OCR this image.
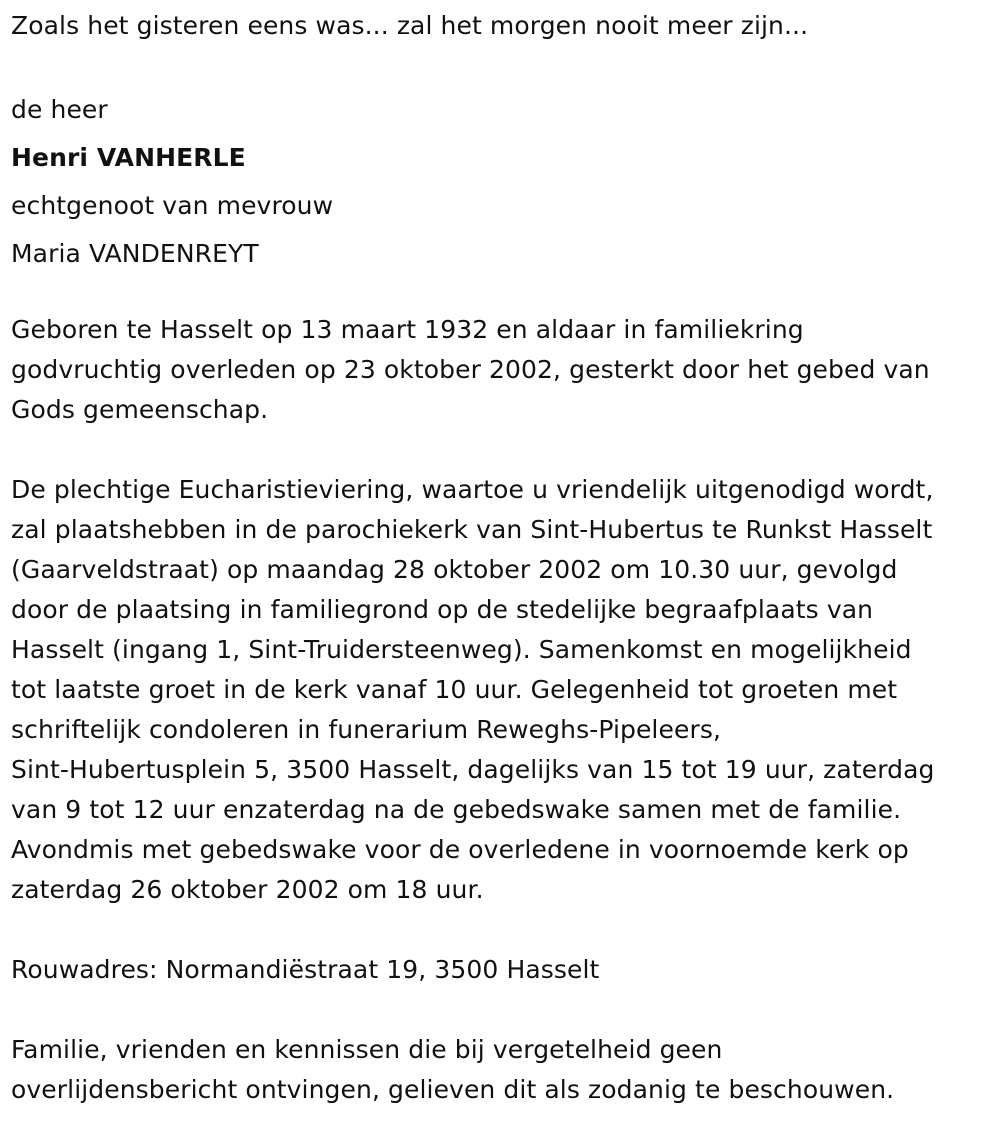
Zoals het gisteren eens was... zal het morgen nooit meer zijn...
de heer
Henri VANHERLE
echtgenoot van mevrouw
Maria VANDENREYT
Geboren te Hasselt op 13 maart 1932 en aldaar in familiekring
godvruchtig overleden op 23 oktober 2002, gesterkt door het gebed van
Gods gemeenschap.
De plechtige Eucharistieviering, waartoe u vriendelijk uitgenodigd wordt,
zal plaatshebben in de parochiekerk van Sint-Hubertus te Runkst Hasselt
(Gaarveldstraat) op maandag 28 oktober 2002 om 10.30 uur, gevolgd
door de plaatsing in familiegrond op de stedelijke begraafplaats van
Hasselt (ingang 1, Sint-Truidersteenweg). Samenkomst en mogelijkheid
tot laatste groet in de kerk vanaf 10 uur. Gelegenheid tot groeten met
schriftelijk condoleren in funerarium Reweghs-Pipeleers,
Sint-Hubertusplein 5, 3500 Hasselt, dagelijks van 15 tot 19 uur, zaterdag
van 9 tot 12 uur enzaterdag na de gebedswake samen met de familie.
Avondmis met gebedswake voor de overledene in voornoemde kerk op
zaterdag 26 oktober 2002 om 18 uur.
Rouwadres: Normandiëstraat 19, 3500 Hasselt
Familie, vrienden en kennissen die bij vergetelheid geen
overlijdensbericht ontvingen, gelieven dit als zodanig te beschouwen.
